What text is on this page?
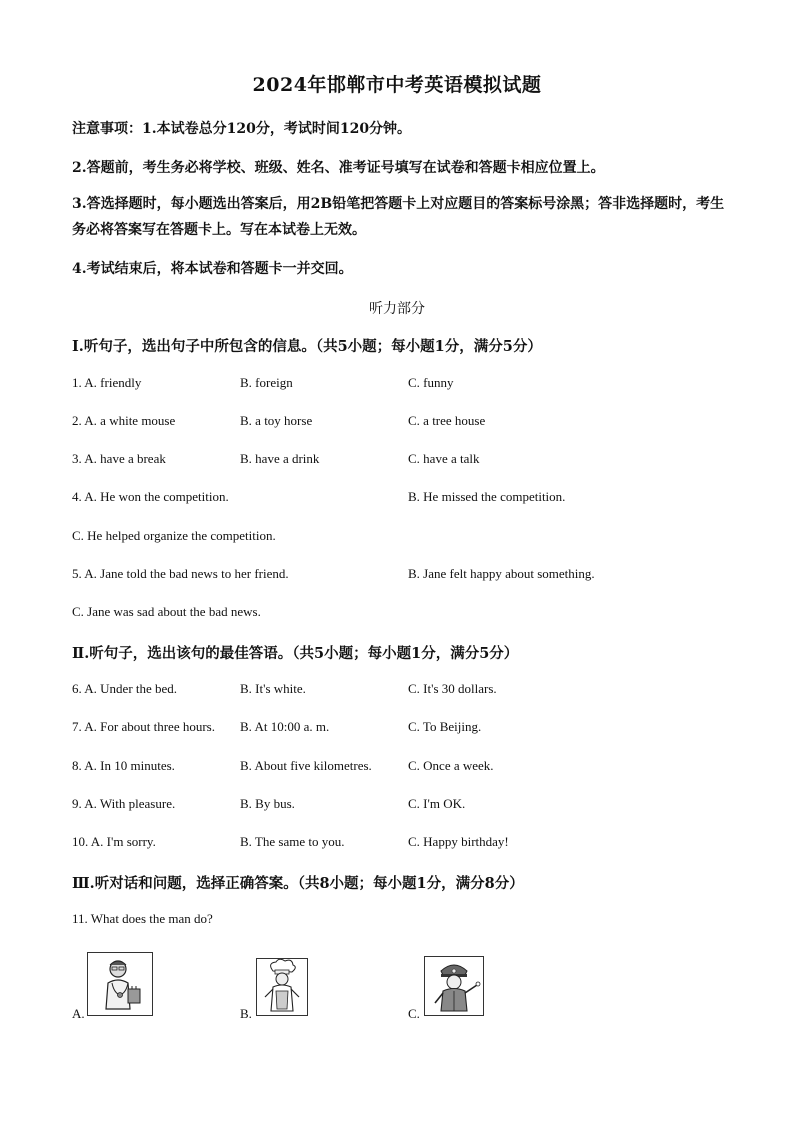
2024年邯郸市中考英语模拟试题
注意事项：1.本试卷总分120分，考试时间120分钟。
2.答题前，考生务必将学校、班级、姓名、准考证号填写在试卷和答题卡相应位置上。
3.答选择题时，每小题选出答案后，用2B铅笔把答题卡上对应题目的答案标号涂黑；答非选择题时，考生务必将答案写在答题卡上。写在本试卷上无效。
4.考试结束后，将本试卷和答题卡一并交回。
听力部分
Ⅰ.听句子，选出句子中所包含的信息。（共5小题；每小题1分，满分5分）
1. A. friendly	B. foreign	C. funny
2. A. a white mouse	B. a toy horse	C. a tree house
3. A. have a break	B. have a drink	C. have a talk
4. A. He won the competition.	B. He missed the competition.
C. He helped organize the competition.
5. A. Jane told the bad news to her friend.	B. Jane felt happy about something.
C. Jane was sad about the bad news.
Ⅱ.听句子，选出该句的最佳答语。（共5小题；每小题1分，满分5分）
6. A. Under the bed.	B. It's white.	C. It's 30 dollars.
7. A. For about three hours. B. At 10:00 a. m.	C. To Beijing.
8. A. In 10 minutes.	B. About five kilometres.	C. Once a week.
9. A. With pleasure.	B. By bus.	C. I'm OK.
10. A. I'm sorry.	B. The same to you.	C. Happy birthday!
Ⅲ.听对话和问题，选择正确答案。（共8小题；每小题1分，满分8分）
11. What does the man do?
A.	B.	C.
